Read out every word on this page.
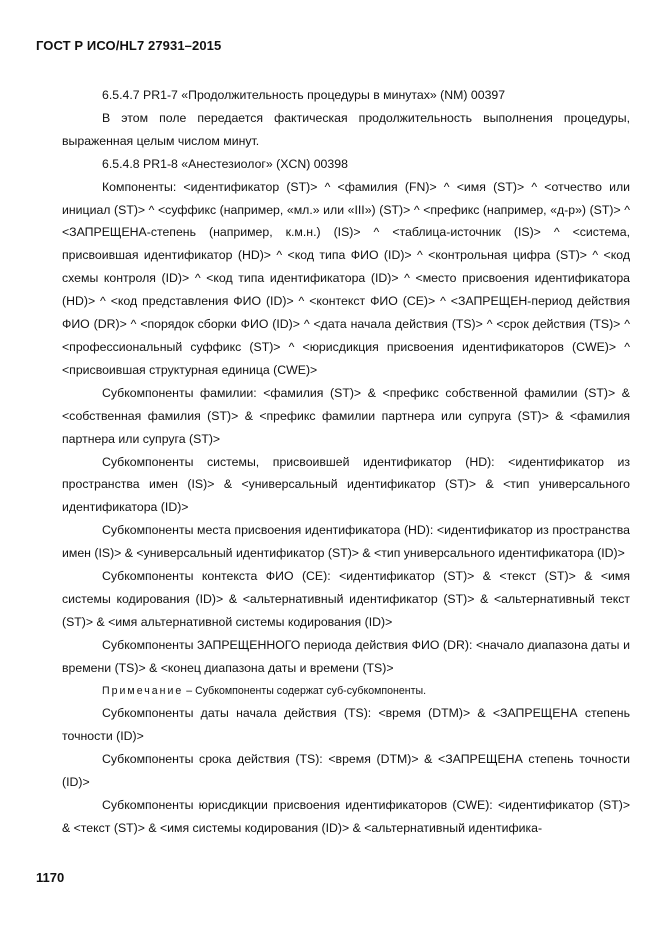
ГОСТ Р ИСО/HL7 27931–2015

6.5.4.7 PR1-7 «Продолжительность процедуры в минутах» (NM) 00397

В этом поле передается фактическая продолжительность выполнения процедуры, выраженная целым числом минут.

6.5.4.8 PR1-8 «Анестезиолог» (XCN) 00398

Компоненты: <идентификатор (ST)> ^ <фамилия (FN)> ^ <имя (ST)> ^ <отчество или инициал (ST)> ^ <суффикс (например, «мл.» или «III») (ST)> ^ <префикс (например, «д-р») (ST)> ^ <ЗАПРЕЩЕНА-степень (например, к.м.н.) (IS)> ^ <таблица-источник (IS)> ^ <система, присвоившая идентификатор (HD)> ^ <код типа ФИО (ID)> ^ <контрольная цифра (ST)> ^ <код схемы контроля (ID)> ^ <код типа идентификатора (ID)> ^ <место присвоения идентификатора (HD)> ^ <код представления ФИО (ID)> ^ <контекст ФИО (CE)> ^ <ЗАПРЕЩЕН-период действия ФИО (DR)> ^ <порядок сборки ФИО (ID)> ^ <дата начала действия (TS)> ^ <срок действия (TS)> ^ <профессиональный суффикс (ST)> ^ <юрисдикция присвоения идентификаторов (CWE)> ^ <присвоившая структурная единица (CWE)>

Субкомпоненты фамилии: <фамилия (ST)> & <префикс собственной фамилии (ST)> & <собственная фамилия (ST)> & <префикс фамилии партнера или супруга (ST)> & <фамилия партнера или супруга (ST)>

Субкомпоненты системы, присвоившей идентификатор (HD): <идентификатор из пространства имен (IS)> & <универсальный идентификатор (ST)> & <тип универсального идентификатора (ID)>

Субкомпоненты места присвоения идентификатора (HD): <идентификатор из пространства имен (IS)> & <универсальный идентификатор (ST)> & <тип универсального идентификатора (ID)>

Субкомпоненты контекста ФИО (CE): <идентификатор (ST)> & <текст (ST)> & <имя системы кодирования (ID)> & <альтернативный идентификатор (ST)> & <альтернативный текст (ST)> & <имя альтернативной системы кодирования (ID)>

Субкомпоненты ЗАПРЕЩЕННОГО периода действия ФИО (DR): <начало диапазона даты и времени (TS)> & <конец диапазона даты и времени (TS)>

Примечание – Субкомпоненты содержат суб-субкомпоненты.

Субкомпоненты даты начала действия (TS): <время (DTM)> & <ЗАПРЕЩЕНА степень точности (ID)>

Субкомпоненты срока действия (TS): <время (DTM)> & <ЗАПРЕЩЕНА степень точности (ID)>

Субкомпоненты юрисдикции присвоения идентификаторов (CWE): <идентификатор (ST)> & <текст (ST)> & <имя системы кодирования (ID)> & <альтернативный идентифика-

1170
